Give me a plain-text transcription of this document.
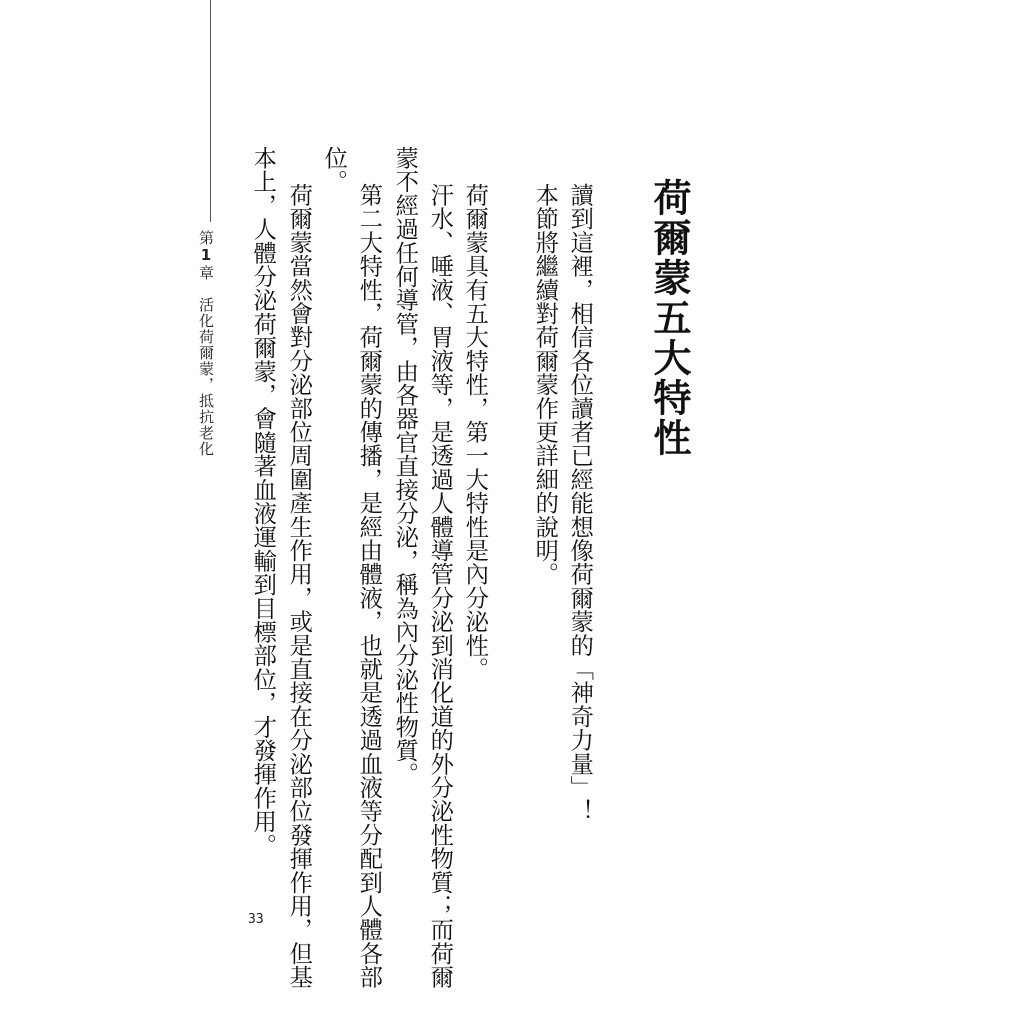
荷爾蒙五大特性
讀到這裡，相信各位讀者已經能想像荷爾蒙的「神奇力量」！
本節將繼續對荷爾蒙作更詳細的說明。
荷爾蒙具有五大特性，第一大特性是內分泌性。
汗水、唾液、胃液等，是透過人體導管分泌到消化道的外分泌性物質；而荷爾
蒙不經過任何導管，由各器官直接分泌，稱為內分泌性物質。
第二大特性，荷爾蒙的傳播，是經由體液，也就是透過血液等分配到人體各部
位。
荷爾蒙當然會對分泌部位周圍產生作用，或是直接在分泌部位發揮作用，但基
本上，人體分泌荷爾蒙，會隨著血液運輸到目標部位，才發揮作用。
第1章活化荷爾蒙，抵抗老化
33
